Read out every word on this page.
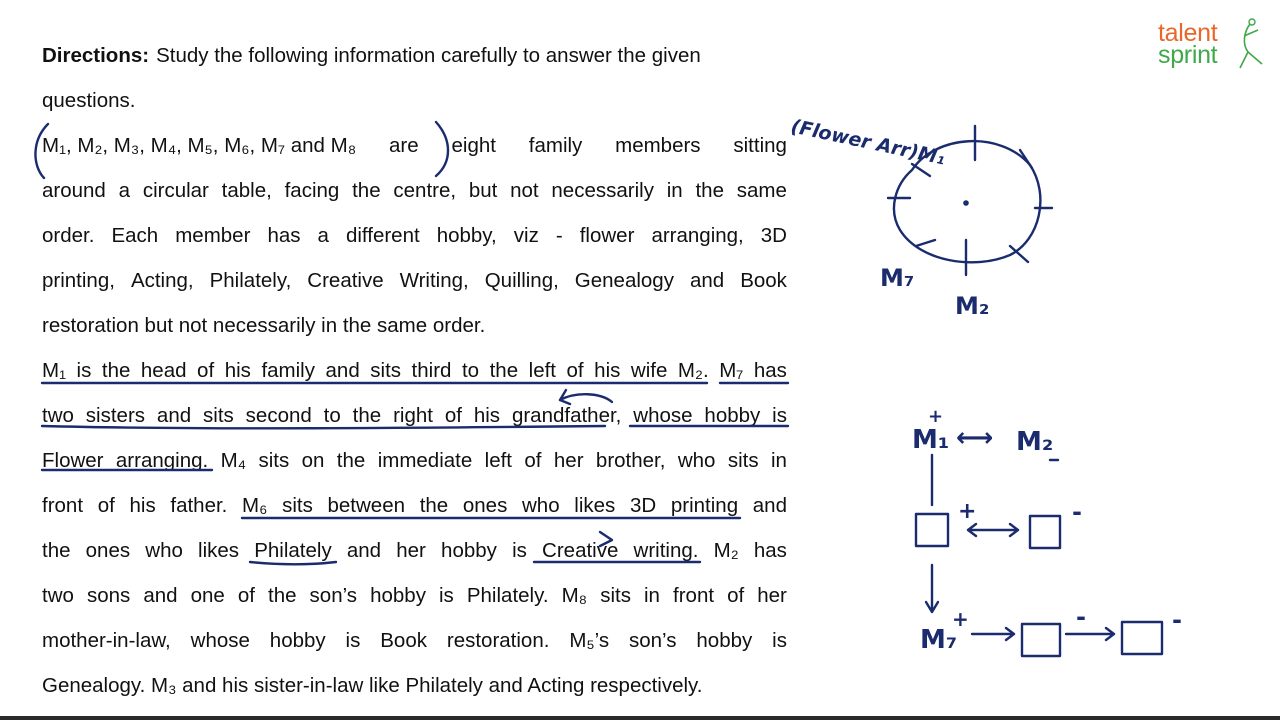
talent
sprint
Directions: Study the following information carefully to answer the given
questions.
M₁, M₂, M₃, M₄, M₅, M₆, M₇ and M₈ are eight family members sitting
around a circular table, facing the centre, but not necessarily in the same
order. Each member has a different hobby, viz - flower arranging, 3D
printing, Acting, Philately, Creative Writing, Quilling, Genealogy and Book
restoration but not necessarily in the same order.
M₁ is the head of his family and sits third to the left of his wife M₂. M₇ has
two sisters and sits second to the right of his grandfather, whose hobby is
Flower arranging. M₄ sits on the immediate left of her brother, who sits in
front of his father. M₆ sits between the ones who likes 3D printing and
the ones who likes Philately and her hobby is Creative writing. M₂ has
two sons and one of the son’s hobby is Philately. M₈ sits in front of her
mother-in-law, whose hobby is Book restoration. M₅’s son’s hobby is
Genealogy. M₃ and his sister-in-law like Philately and Acting respectively.
(Flower Arr)M₁
M₇
M₂
M₁ ⟷ M₂
+	-
M₇
+	-	-
+
